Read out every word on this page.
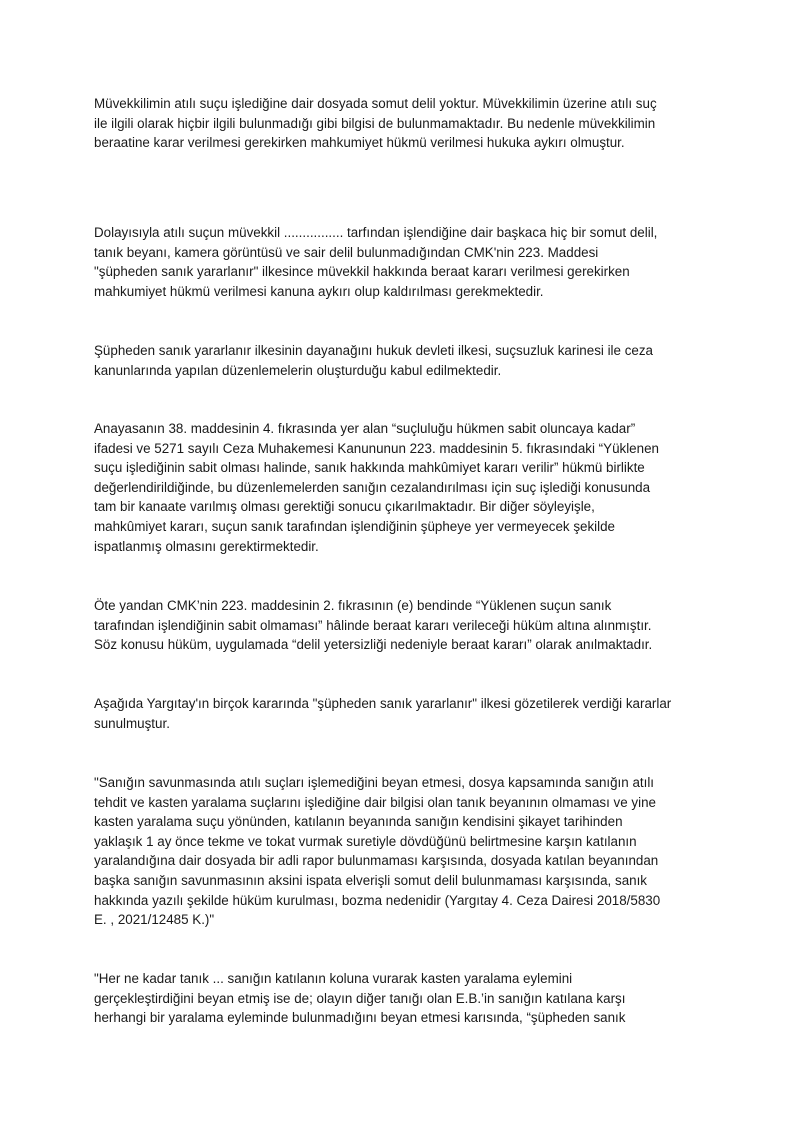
Müvekkilimin atılı suçu işlediğine dair dosyada somut delil yoktur. Müvekkilimin üzerine atılı suç
ile ilgili olarak hiçbir ilgili bulunmadığı gibi bilgisi de bulunmamaktadır. Bu nedenle müvekkilimin
beraatine karar verilmesi gerekirken mahkumiyet hükmü verilmesi hukuka aykırı olmuştur.
Dolayısıyla atılı suçun müvekkil ................ tarfından işlendiğine dair başkaca hiç bir somut delil,
tanık beyanı, kamera görüntüsü ve sair delil bulunmadığından CMK'nin 223. Maddesi
"şüpheden sanık yararlanır" ilkesince müvekkil hakkında beraat kararı verilmesi gerekirken
mahkumiyet hükmü verilmesi kanuna aykırı olup kaldırılması gerekmektedir.
Şüpheden sanık yararlanır ilkesinin dayanağını hukuk devleti ilkesi, suçsuzluk karinesi ile ceza
kanunlarında yapılan düzenlemelerin oluşturduğu kabul edilmektedir.
Anayasanın 38. maddesinin 4. fıkrasında yer alan “suçluluğu hükmen sabit oluncaya kadar”
ifadesi ve 5271 sayılı Ceza Muhakemesi Kanununun 223. maddesinin 5. fıkrasındaki “Yüklenen
suçu işlediğinin sabit olması halinde, sanık hakkında mahkûmiyet kararı verilir” hükmü birlikte
değerlendirildiğinde, bu düzenlemelerden sanığın cezalandırılması için suç işlediği konusunda
tam bir kanaate varılmış olması gerektiği sonucu çıkarılmaktadır. Bir diğer söyleyişle,
mahkûmiyet kararı, suçun sanık tarafından işlendiğinin şüpheye yer vermeyecek şekilde
ispatlanmış olmasını gerektirmektedir.
Öte yandan CMK’nin 223. maddesinin 2. fıkrasının (e) bendinde “Yüklenen suçun sanık
tarafından işlendiğinin sabit olmaması” hâlinde beraat kararı verileceği hüküm altına alınmıştır.
Söz konusu hüküm, uygulamada “delil yetersizliği nedeniyle beraat kararı” olarak anılmaktadır.
Aşağıda Yargıtay'ın birçok kararında "şüpheden sanık yararlanır" ilkesi gözetilerek verdiği kararlar
sunulmuştur.
"Sanığın savunmasında atılı suçları işlemediğini beyan etmesi, dosya kapsamında sanığın atılı
tehdit ve kasten yaralama suçlarını işlediğine dair bilgisi olan tanık beyanının olmaması ve yine
kasten yaralama suçu yönünden, katılanın beyanında sanığın kendisini şikayet tarihinden
yaklaşık 1 ay önce tekme ve tokat vurmak suretiyle dövdüğünü belirtmesine karşın katılanın
yaralandığına dair dosyada bir adli rapor bulunmaması karşısında, dosyada katılan beyanından
başka sanığın savunmasının aksini ispata elverişli somut delil bulunmaması karşısında, sanık
hakkında yazılı şekilde hüküm kurulması, bozma nedenidir (Yargıtay 4. Ceza Dairesi 2018/5830
E. , 2021/12485 K.)"
"Her ne kadar tanık ... sanığın katılanın koluna vurarak kasten yaralama eylemini
gerçekleştirdiğini beyan etmiş ise de; olayın diğer tanığı olan E.B.’in sanığın katılana karşı
herhangi bir yaralama eyleminde bulunmadığını beyan etmesi karısında, “şüpheden sanık
